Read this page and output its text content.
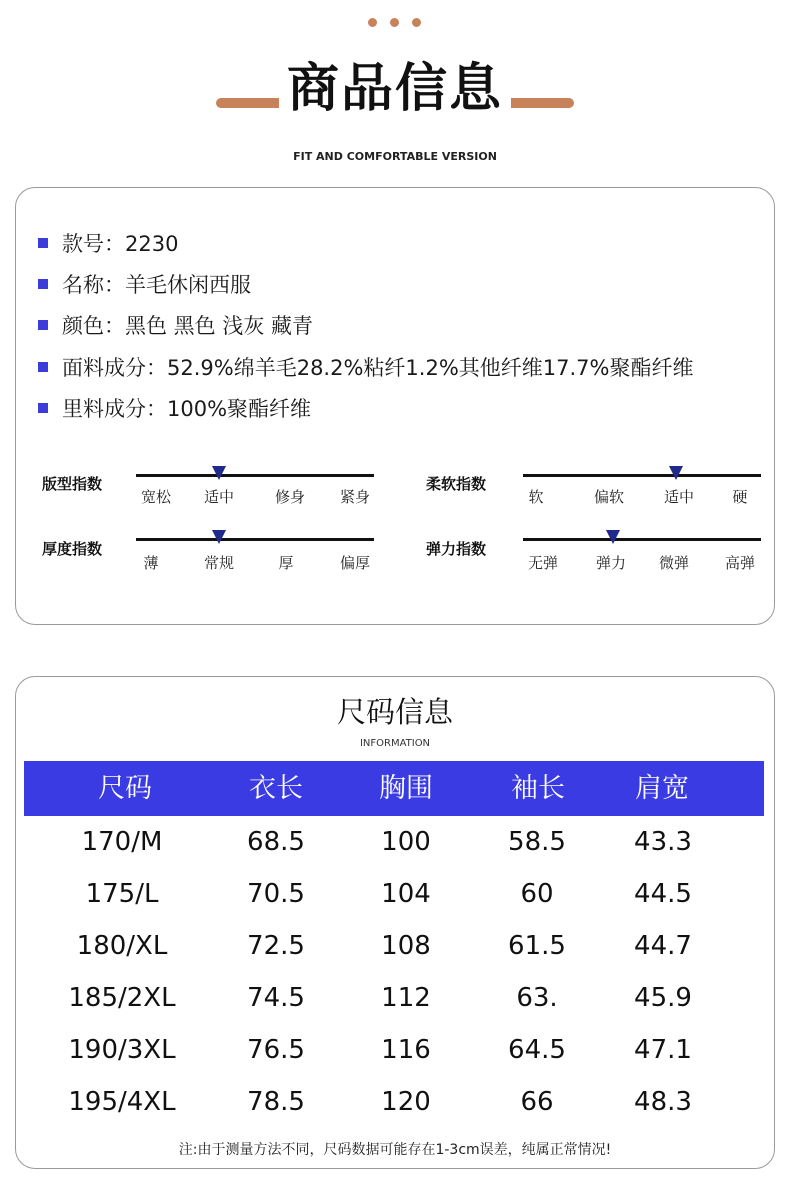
商品信息
FIT AND COMFORTABLE VERSION
款号：2230
名称：羊毛休闲西服
颜色：黑色 黑色 浅灰 藏青
面料成分：52.9%绵羊毛28.2%粘纤1.2%其他纤维17.7%聚酯纤维
里料成分：100%聚酯纤维
版型指数
宽松	适中	修身	紧身
柔软指数
软	偏软	适中	硬
厚度指数
薄	常规	厚	偏厚
弹力指数
无弹	弹力	微弹	高弹
尺码信息
INFORMATION
尺码	衣长	胸围	袖长	肩宽
170/M	68.5	100	58.5	43.3
175/L	70.5	104	60	44.5
180/XL	72.5	108	61.5	44.7
185/2XL	74.5	112	63.	45.9
190/3XL	76.5	116	64.5	47.1
195/4XL	78.5	120	66	48.3
注:由于测量方法不同，尺码数据可能存在1-3cm误差，纯属正常情况!
